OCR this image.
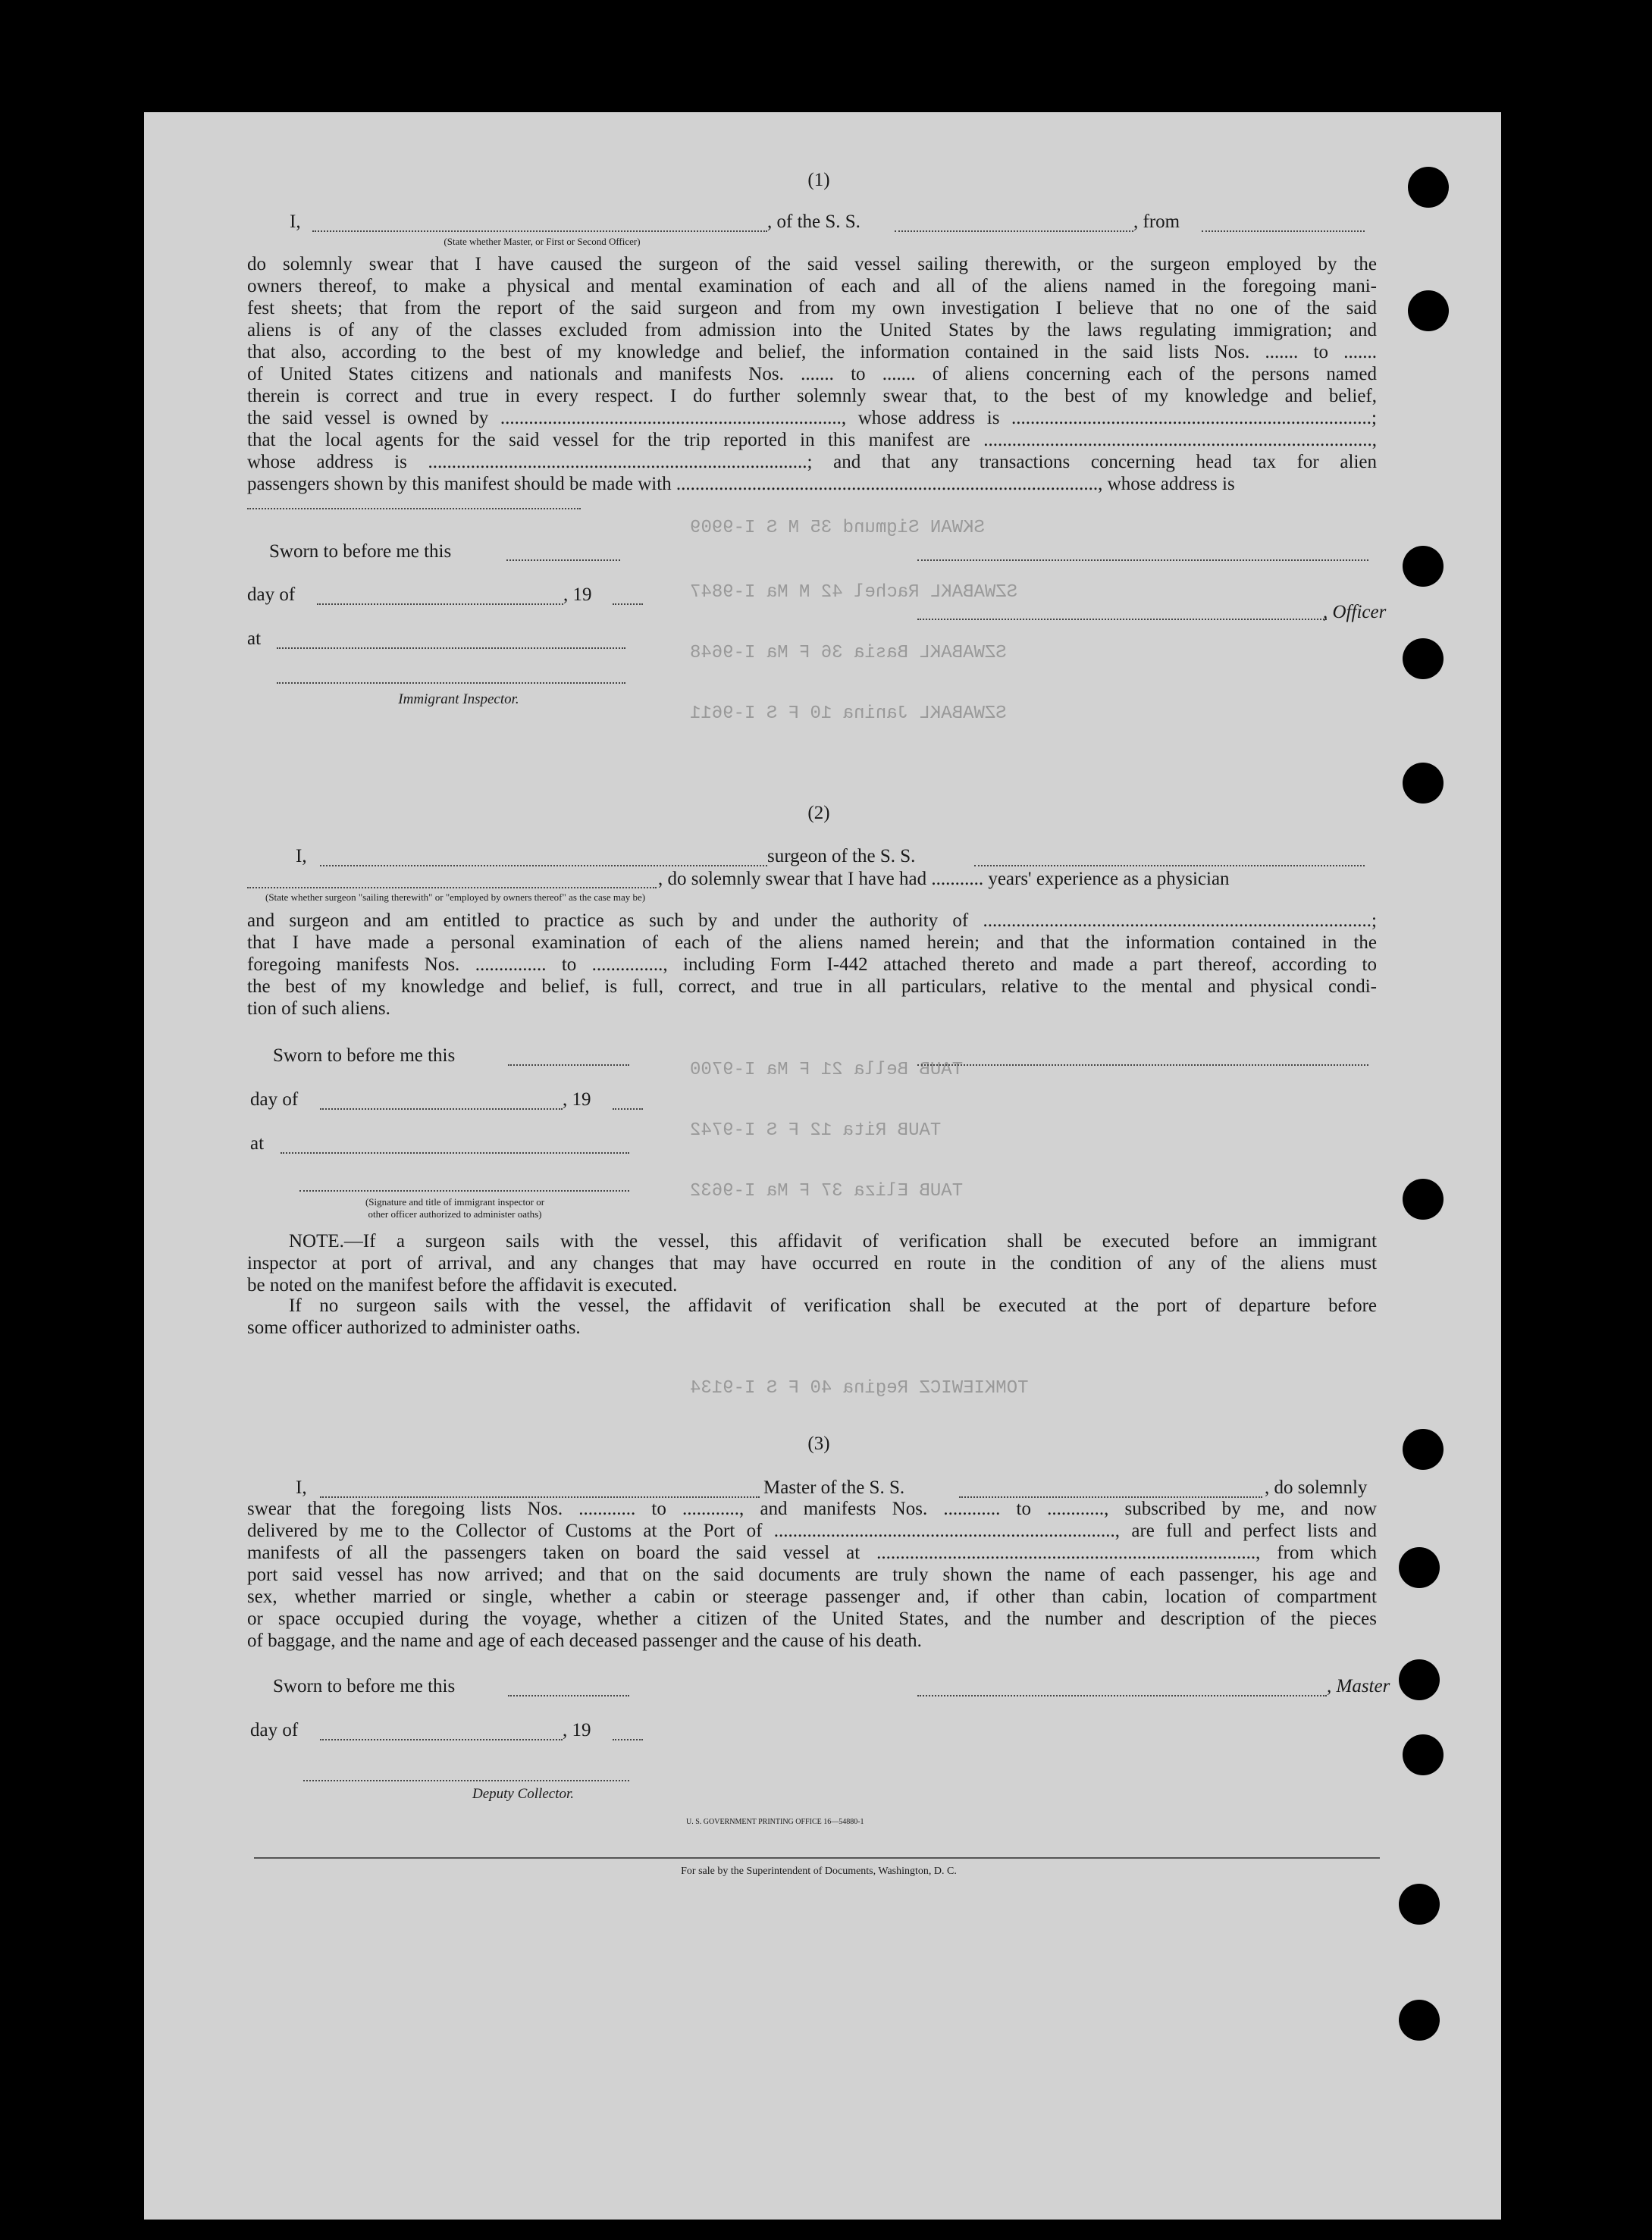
SKWAN Sigmund 35 M S I-9909
SZWABAKL Rachel 42 M Ma I-9847
SZWABAKL Basia 36 F Ma I-9648
SZWABAKL Janina 10 F S I-9611
TAUB Bella 21 F Ma I-9700
TAUB Rita 12 F S I-9742
TAUB Eliza 37 F Ma I-9632
TOMKIEWICZ Regina 40 F S I-9134
(1)
I,	, of the S. S.	, from
(State whether Master, or First or Second Officer)
do solemnly swear that I have caused the surgeon of the said vessel sailing therewith, or the surgeon employed by the
owners thereof, to make a physical and mental examination of each and all of the aliens named in the foregoing mani-
fest sheets; that from the report of the said surgeon and from my own investigation I believe that no one of the said
aliens is of any of the classes excluded from admission into the United States by the laws regulating immigration; and
that also, according to the best of my knowledge and belief, the information contained in the said lists Nos. ....... to .......
of United States citizens and nationals and manifests Nos. ....... to ....... of aliens concerning each of the persons named
therein is correct and true in every respect. I do further solemnly swear that, to the best of my knowledge and belief,
the said vessel is owned by ........................................................................, whose address is ............................................................................;
that the local agents for the said vessel for the trip reported in this manifest are ..................................................................................,
whose address is ................................................................................; and that any transactions concerning head tax for alien
passengers shown by this manifest should be made with ........................................................................................., whose address is
Sworn to before me this
day of	, 19
, Officer
at
Immigrant Inspector.
(2)
I,	surgeon of the S. S.
, do solemnly swear that I have had ........... years' experience as a physician
(State whether surgeon "sailing therewith" or "employed by owners thereof" as the case may be)
and surgeon and am entitled to practice as such by and under the authority of ..................................................................................;
that I have made a personal examination of each of the aliens named herein; and that the information contained in the
foregoing manifests Nos. ............... to ..............., including Form I-442 attached thereto and made a part thereof, according to
the best of my knowledge and belief, is full, correct, and true in all particulars, relative to the mental and physical condi-
tion of such aliens.
Sworn to before me this
day of	, 19
at
(Signature and title of immigrant inspector or
other officer authorized to administer oaths)
NOTE.—If a surgeon sails with the vessel, this affidavit of verification shall be executed before an immigrant
inspector at port of arrival, and any changes that may have occurred en route in the condition of any of the aliens must
be noted on the manifest before the affidavit is executed.
If no surgeon sails with the vessel, the affidavit of verification shall be executed at the port of departure before
some officer authorized to administer oaths.
(3)
I,	Master of the S. S.	, do solemnly
swear that the foregoing lists Nos. ............ to ............, and manifests Nos. ............ to ............, subscribed by me, and now
delivered by me to the Collector of Customs at the Port of ........................................................................, are full and perfect lists and
manifests of all the passengers taken on board the said vessel at ................................................................................, from which
port said vessel has now arrived; and that on the said documents are truly shown the name of each passenger, his age and
sex, whether married or single, whether a cabin or steerage passenger and, if other than cabin, location of compartment
or space occupied during the voyage, whether a citizen of the United States, and the number and description of the pieces
of baggage, and the name and age of each deceased passenger and the cause of his death.
Sworn to before me this	, Master
day of	, 19
Deputy Collector.
U. S. GOVERNMENT PRINTING OFFICE 16—54880-1
For sale by the Superintendent of Documents, Washington, D. C.
